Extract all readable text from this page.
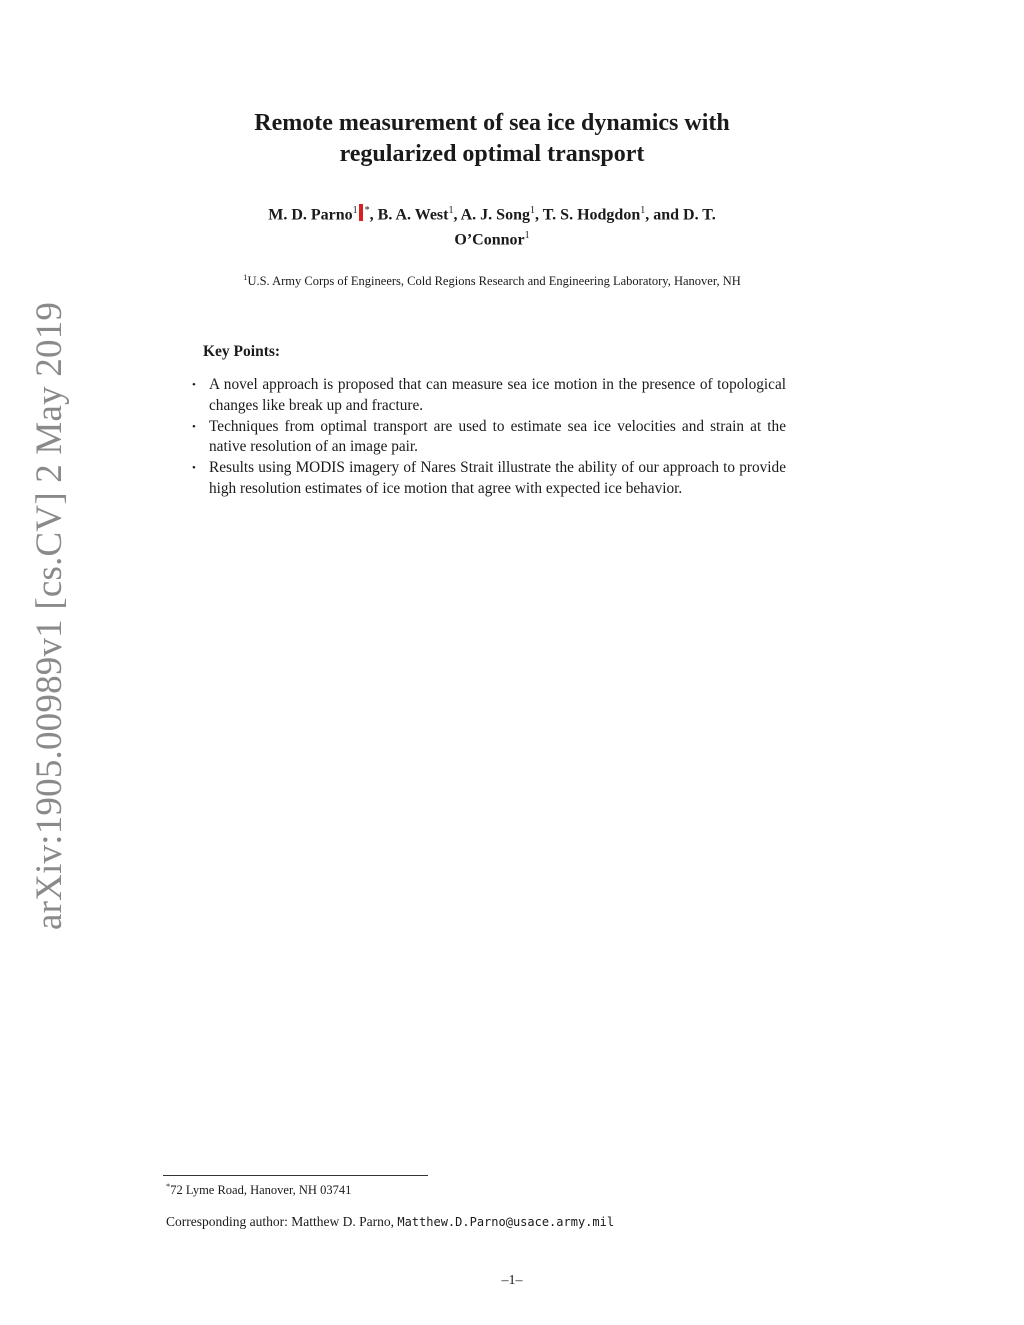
arXiv:1905.00989v1 [cs.CV] 2 May 2019
Remote measurement of sea ice dynamics with
regularized optimal transport
M. D. Parno$^1$ *, B. A. West$^1$, A. J. Song$^1$, T. S. Hodgdon$^1$, and D. T.
O’Connor$^1$
$^1$U.S. Army Corps of Engineers, Cold Regions Research and Engineering Laboratory, Hanover, NH
Key Points:
• A novel approach is proposed that can measure sea ice motion in the presence of topological changes like break up and fracture.
• Techniques from optimal transport are used to estimate sea ice velocities and strain at the native resolution of an image pair.
• Results using MODIS imagery of Nares Strait illustrate the ability of our approach to provide high resolution estimates of ice motion that agree with expected ice behavior.
*72 Lyme Road, Hanover, NH 03741
Corresponding author: Matthew D. Parno, Matthew.D.Parno@usace.army.mil
–1–
